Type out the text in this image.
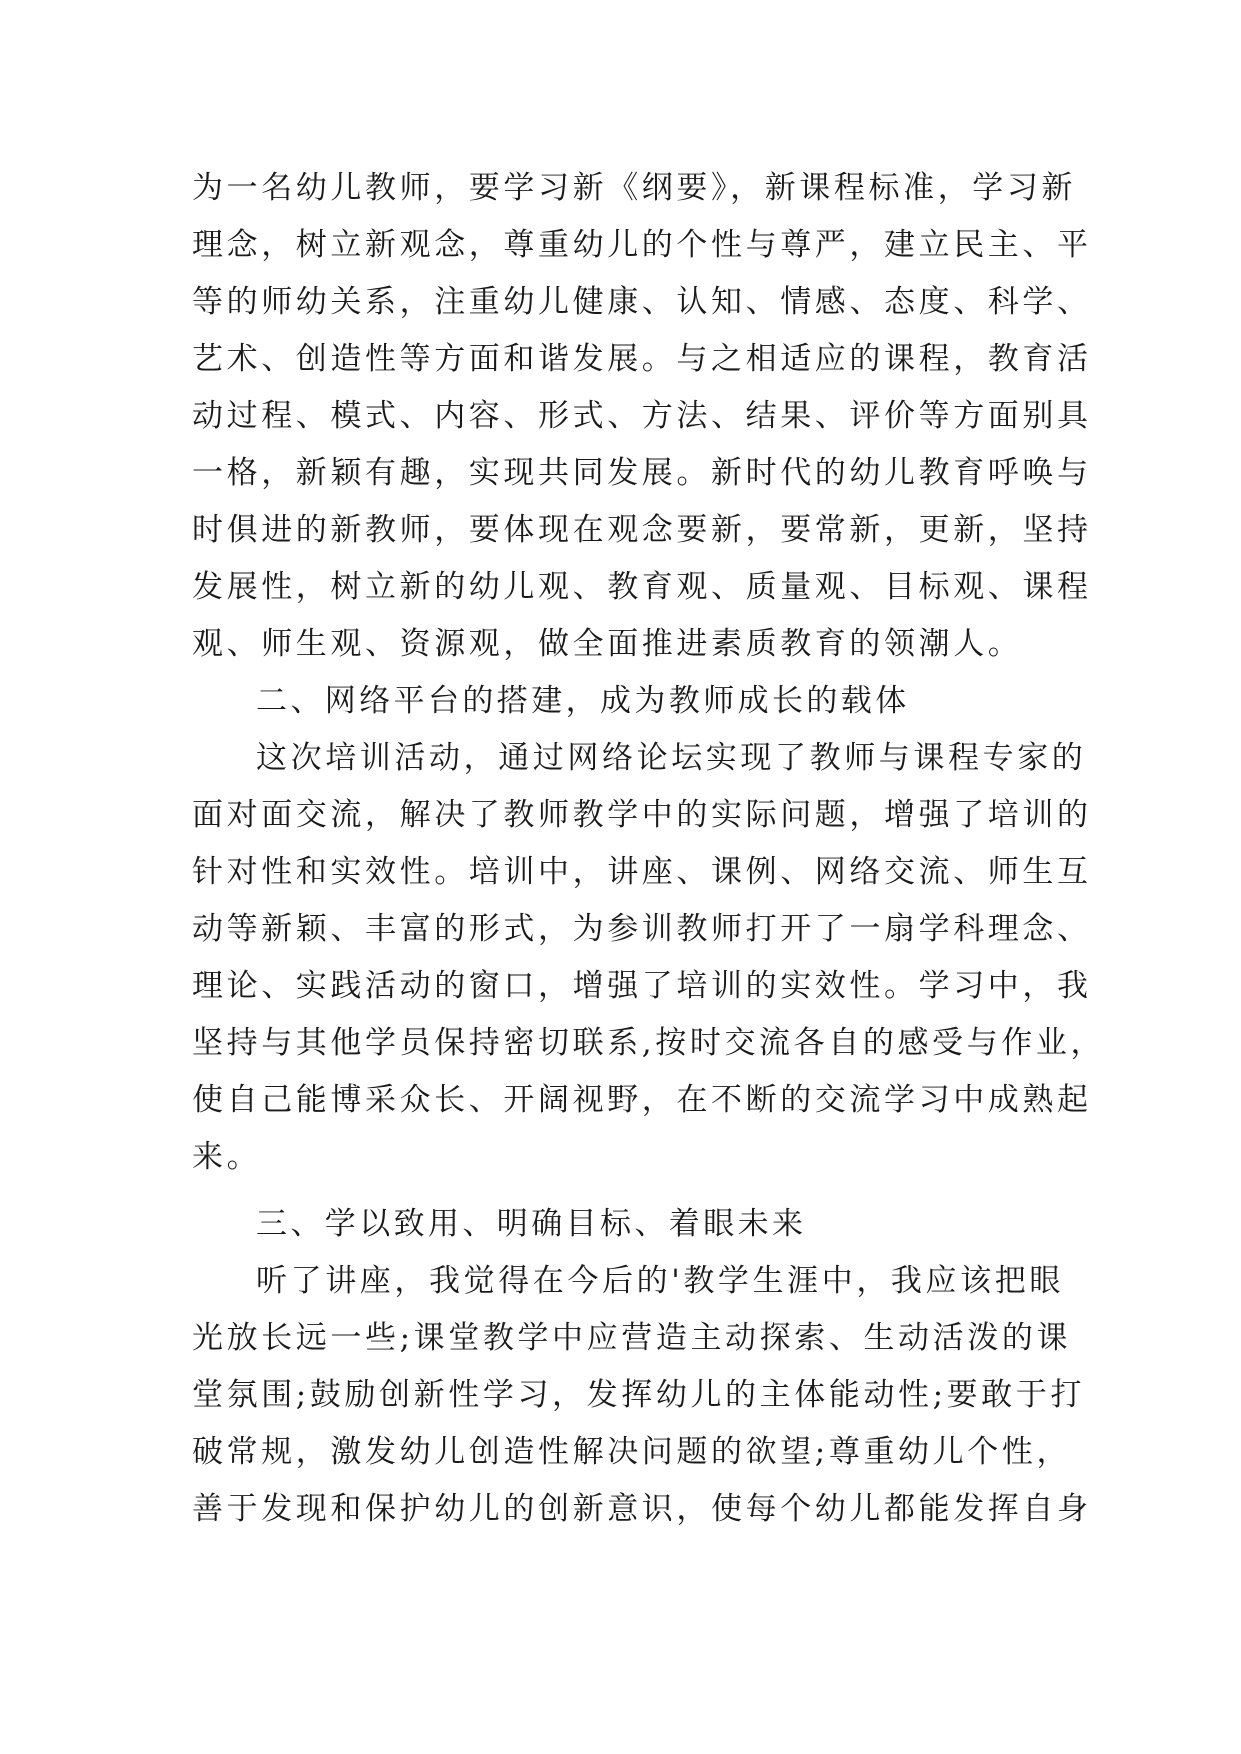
为一名幼儿教师，要学习新《纲要》，新课程标准，学习新
理念，树立新观念，尊重幼儿的个性与尊严，建立民主、平
等的师幼关系，注重幼儿健康、认知、情感、态度、科学、
艺术、创造性等方面和谐发展。与之相适应的课程，教育活
动过程、模式、内容、形式、方法、结果、评价等方面别具
一格，新颖有趣，实现共同发展。新时代的幼儿教育呼唤与
时俱进的新教师，要体现在观念要新，要常新，更新，坚持
发展性，树立新的幼儿观、教育观、质量观、目标观、课程
观、师生观、资源观，做全面推进素质教育的领潮人。
二、网络平台的搭建，成为教师成长的载体
这次培训活动，通过网络论坛实现了教师与课程专家的
面对面交流，解决了教师教学中的实际问题，增强了培训的
针对性和实效性。培训中，讲座、课例、网络交流、师生互
动等新颖、丰富的形式，为参训教师打开了一扇学科理念、
理论、实践活动的窗口，增强了培训的实效性。学习中，我
坚持与其他学员保持密切联系,按时交流各自的感受与作业，
使自己能博采众长、开阔视野，在不断的交流学习中成熟起
来。
三、学以致用、明确目标、着眼未来
听了讲座，我觉得在今后的'教学生涯中，我应该把眼
光放长远一些;课堂教学中应营造主动探索、生动活泼的课
堂氛围;鼓励创新性学习，发挥幼儿的主体能动性;要敢于打
破常规，激发幼儿创造性解决问题的欲望;尊重幼儿个性，
善于发现和保护幼儿的创新意识，使每个幼儿都能发挥自身
